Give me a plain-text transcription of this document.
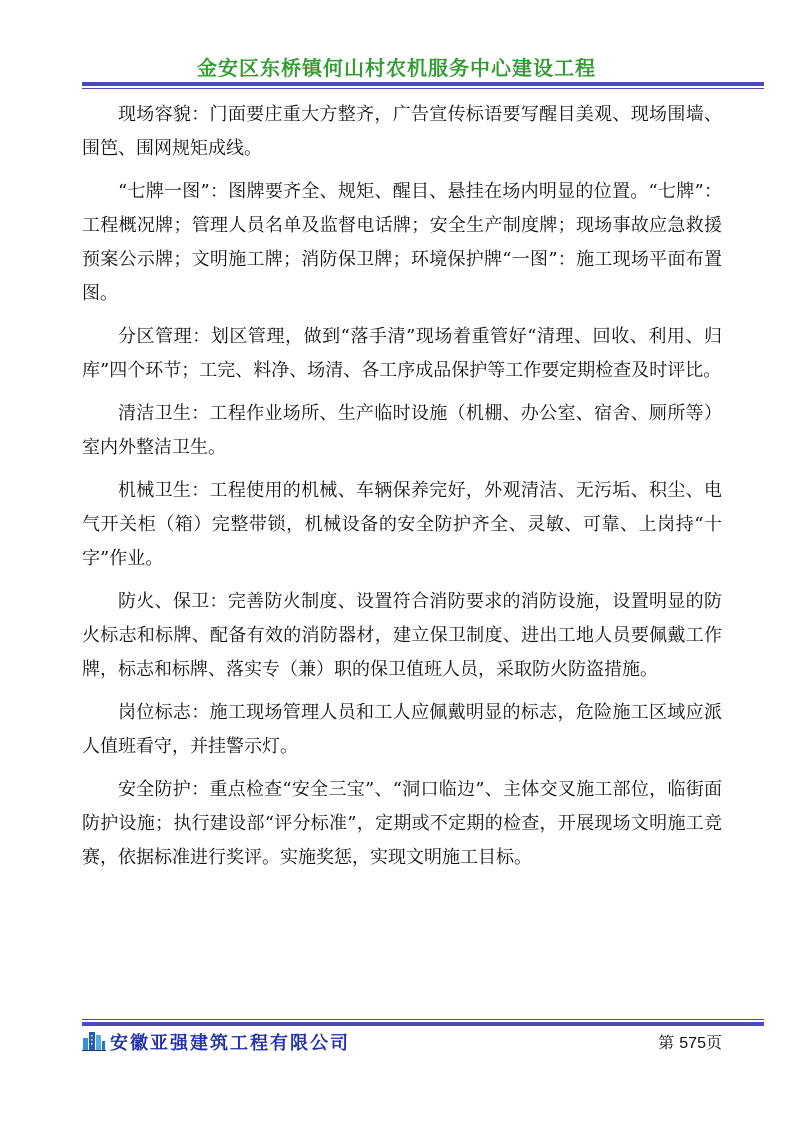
金安区东桥镇何山村农机服务中心建设工程

现场容貌：门面要庄重大方整齐，广告宣传标语要写醒目美观、现场围墙、围笆、围网规矩成线。

“七牌一图”：图牌要齐全、规矩、醒目、悬挂在场内明显的位置。“七牌”：工程概况牌；管理人员名单及监督电话牌；安全生产制度牌；现场事故应急救援预案公示牌；文明施工牌；消防保卫牌；环境保护牌“一图”：施工现场平面布置图。

分区管理：划区管理，做到“落手清”现场着重管好“清理、回收、利用、归库”四个环节；工完、料净、场清、各工序成品保护等工作要定期检查及时评比。

清洁卫生：工程作业场所、生产临时设施（机棚、办公室、宿舍、厕所等）室内外整洁卫生。

机械卫生：工程使用的机械、车辆保养完好，外观清洁、无污垢、积尘、电气开关柜（箱）完整带锁，机械设备的安全防护齐全、灵敏、可靠、上岗持“十字”作业。

防火、保卫：完善防火制度、设置符合消防要求的消防设施，设置明显的防火标志和标牌、配备有效的消防器材，建立保卫制度、进出工地人员要佩戴工作牌，标志和标牌、落实专（兼）职的保卫值班人员，采取防火防盗措施。

岗位标志：施工现场管理人员和工人应佩戴明显的标志，危险施工区域应派人值班看守，并挂警示灯。

安全防护：重点检查“安全三宝”、“洞口临边”、主体交叉施工部位，临街面防护设施；执行建设部“评分标准”，定期或不定期的检查，开展现场文明施工竞赛，依据标准进行奖评。实施奖惩，实现文明施工目标。

安徽亚强建筑工程有限公司	第 575页
